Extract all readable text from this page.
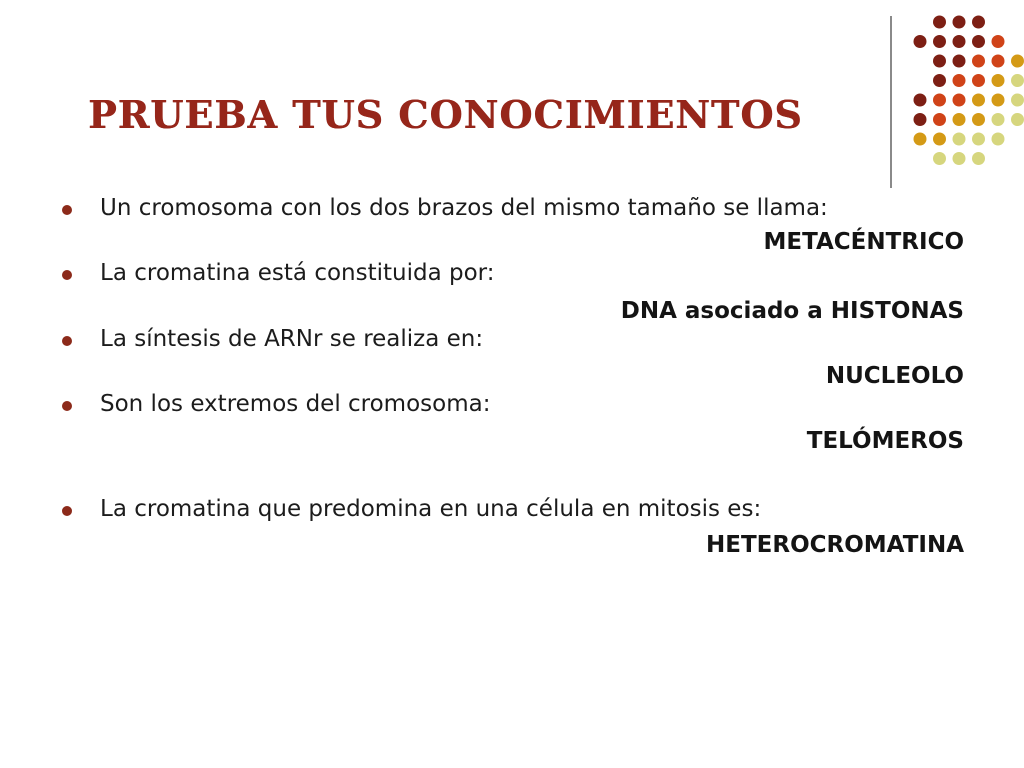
PRUEBA TUS CONOCIMIENTOS
Un cromosoma con los dos brazos del mismo tamaño se llama:
METACÉNTRICO
La cromatina está constituida por:
DNA asociado a HISTONAS
La síntesis de ARNr se realiza en:
NUCLEOLO
Son los extremos del cromosoma:
TELÓMEROS
La cromatina que predomina en una célula en mitosis es:
HETEROCROMATINA
